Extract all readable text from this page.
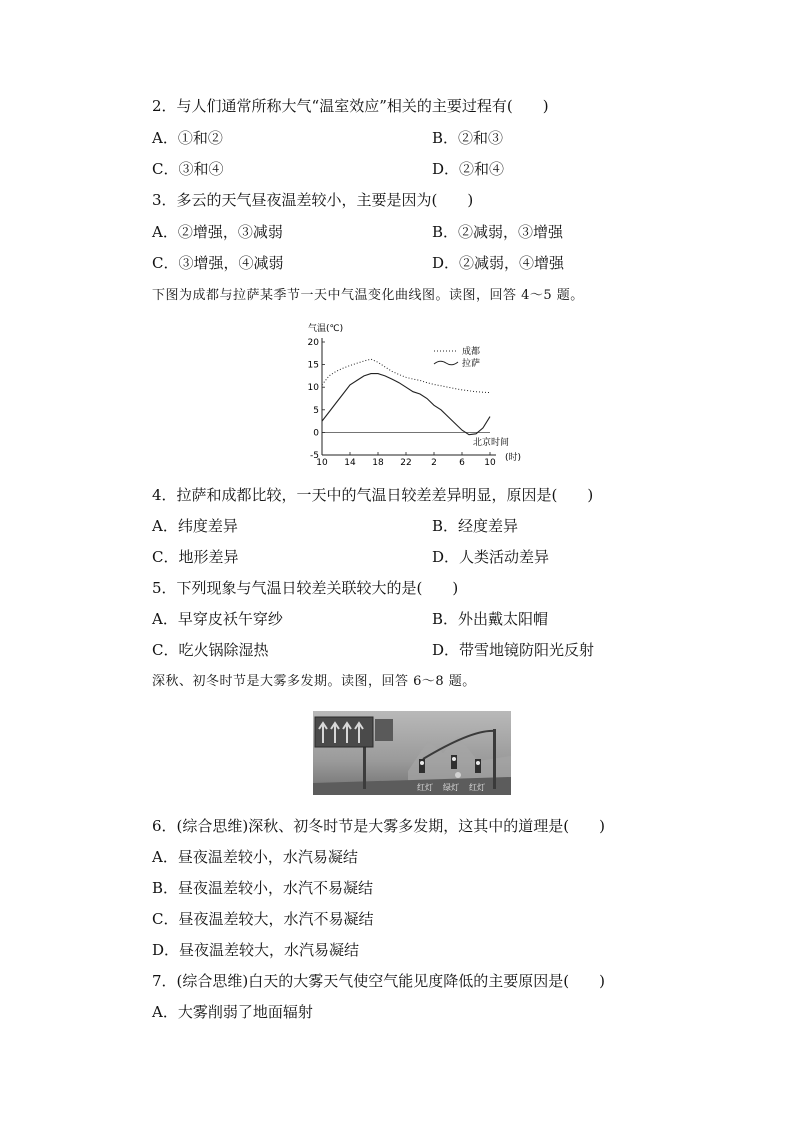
2．与人们通常所称大气“温室效应”相关的主要过程有(　　)
A．①和②	B．②和③
C．③和④	D．②和④
3．多云的天气昼夜温差较小，主要是因为(　　)
A．②增强，③减弱	B．②减弱，③增强
C．③增强，④减弱	D．②减弱，④增强
下图为成都与拉萨某季节一天中气温变化曲线图。读图，回答 4～5 题。
-5
0
5
10
15
20
10 14 18 22 2 6 10
成都
拉萨
气温(℃)
北京时间
(时)
4．拉萨和成都比较，一天中的气温日较差差异明显，原因是(　　)
A．纬度差异	B．经度差异
C．地形差异	D．人类活动差异
5．下列现象与气温日较差关联较大的是(　　)
A．早穿皮袄午穿纱	B．外出戴太阳帽
C．吃火锅除湿热	D．带雪地镜防阳光反射
深秋、初冬时节是大雾多发期。读图，回答 6～8 题。
红灯 绿灯 红灯
6．(综合思维)深秋、初冬时节是大雾多发期，这其中的道理是(　　)
A．昼夜温差较小，水汽易凝结
B．昼夜温差较小，水汽不易凝结
C．昼夜温差较大，水汽不易凝结
D．昼夜温差较大，水汽易凝结
7．(综合思维)白天的大雾天气使空气能见度降低的主要原因是(　　)
A．大雾削弱了地面辐射
